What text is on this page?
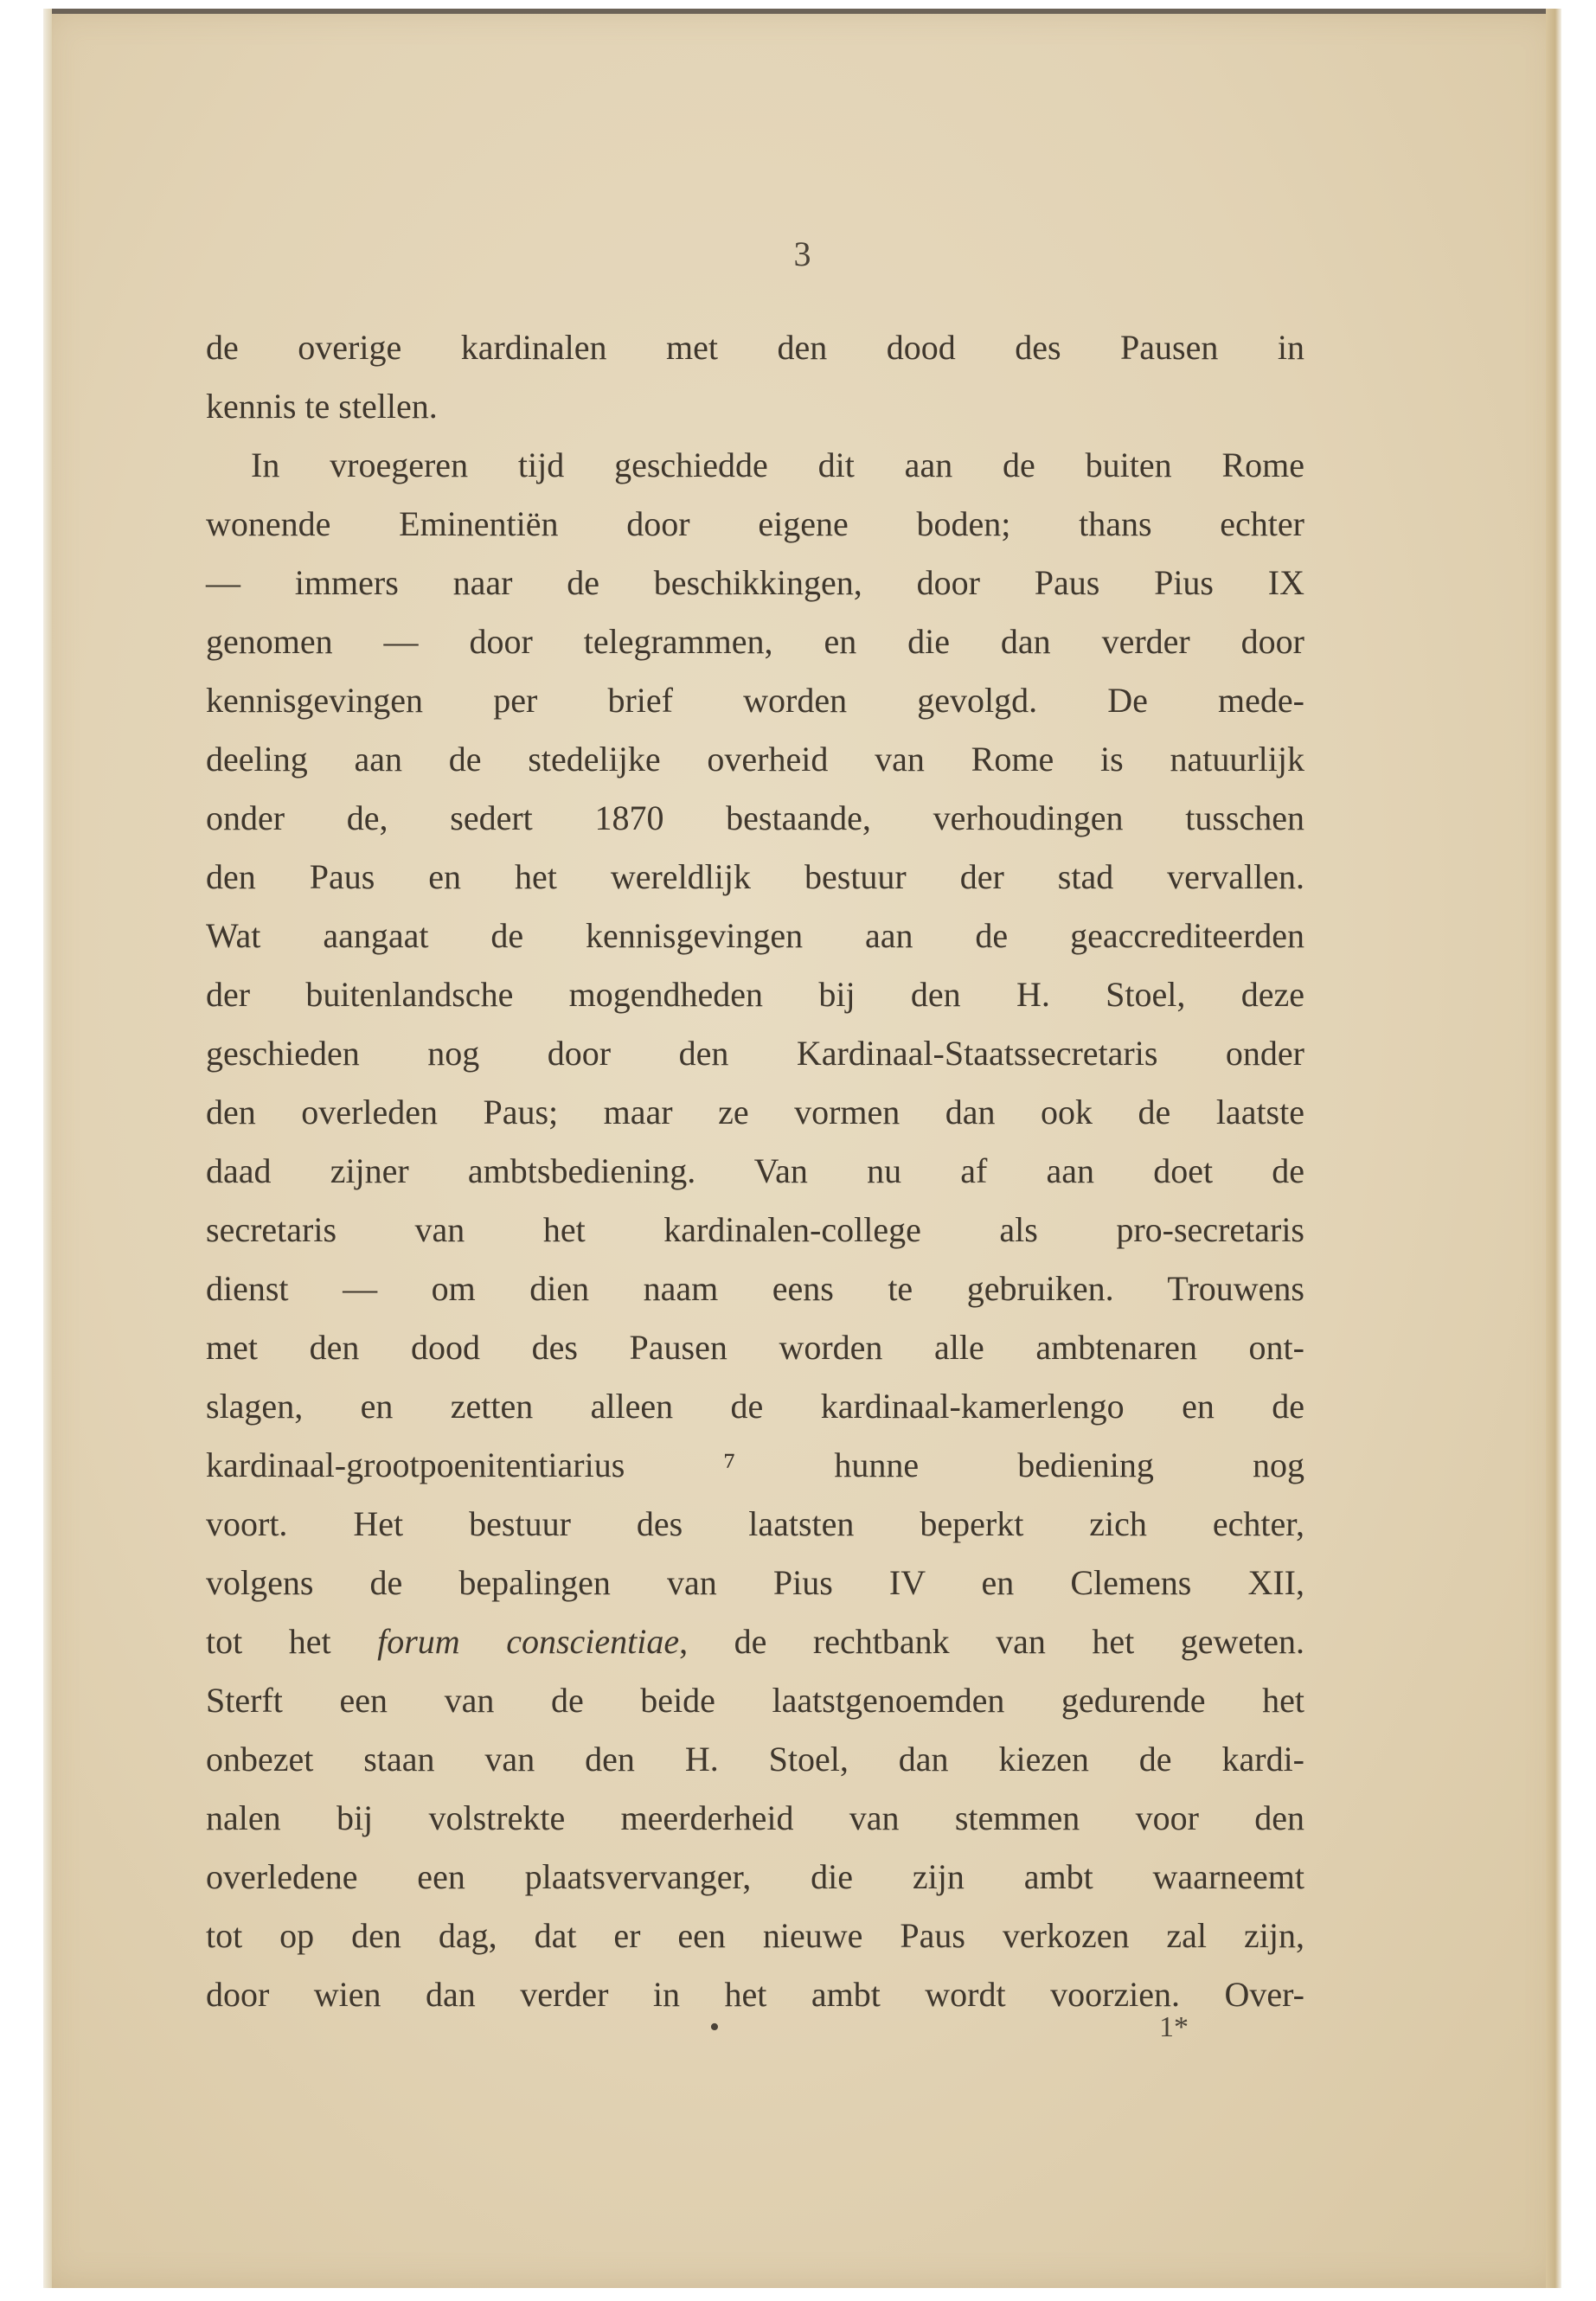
3
de overige kardinalen met den dood des Pausen in
kennis te stellen.
In vroegeren tijd geschiedde dit aan de buiten Rome
wonende Eminentiën door eigene boden; thans echter
— immers naar de beschikkingen, door Paus Pius IX
genomen — door telegrammen, en die dan verder door
kennisgevingen per brief worden gevolgd. De mede-
deeling aan de stedelijke overheid van Rome is natuurlijk
onder de, sedert 1870 bestaande, verhoudingen tusschen
den Paus en het wereldlijk bestuur der stad vervallen.
Wat aangaat de kennisgevingen aan de geaccrediteerden
der buitenlandsche mogendheden bij den H. Stoel, deze
geschieden nog door den Kardinaal-Staatssecretaris onder
den overleden Paus; maar ze vormen dan ook de laatste
daad zijner ambtsbediening. Van nu af aan doet de
secretaris van het kardinalen-college als pro-secretaris
dienst — om dien naam eens te gebruiken. Trouwens
met den dood des Pausen worden alle ambtenaren ont-
slagen, en zetten alleen de kardinaal-kamerlengo en de
kardinaal-grootpoenitentiarius ⁷ hunne bediening nog
voort. Het bestuur des laatsten beperkt zich echter,
volgens de bepalingen van Pius IV en Clemens XII,
tot het forum conscientiae, de rechtbank van het geweten.
Sterft een van de beide laatstgenoemden gedurende het
onbezet staan van den H. Stoel, dan kiezen de kardi-
nalen bij volstrekte meerderheid van stemmen voor den
overledene een plaatsvervanger, die zijn ambt waarneemt
tot op den dag, dat er een nieuwe Paus verkozen zal zijn,
door wien dan verder in het ambt wordt voorzien. Over-
•	1*
